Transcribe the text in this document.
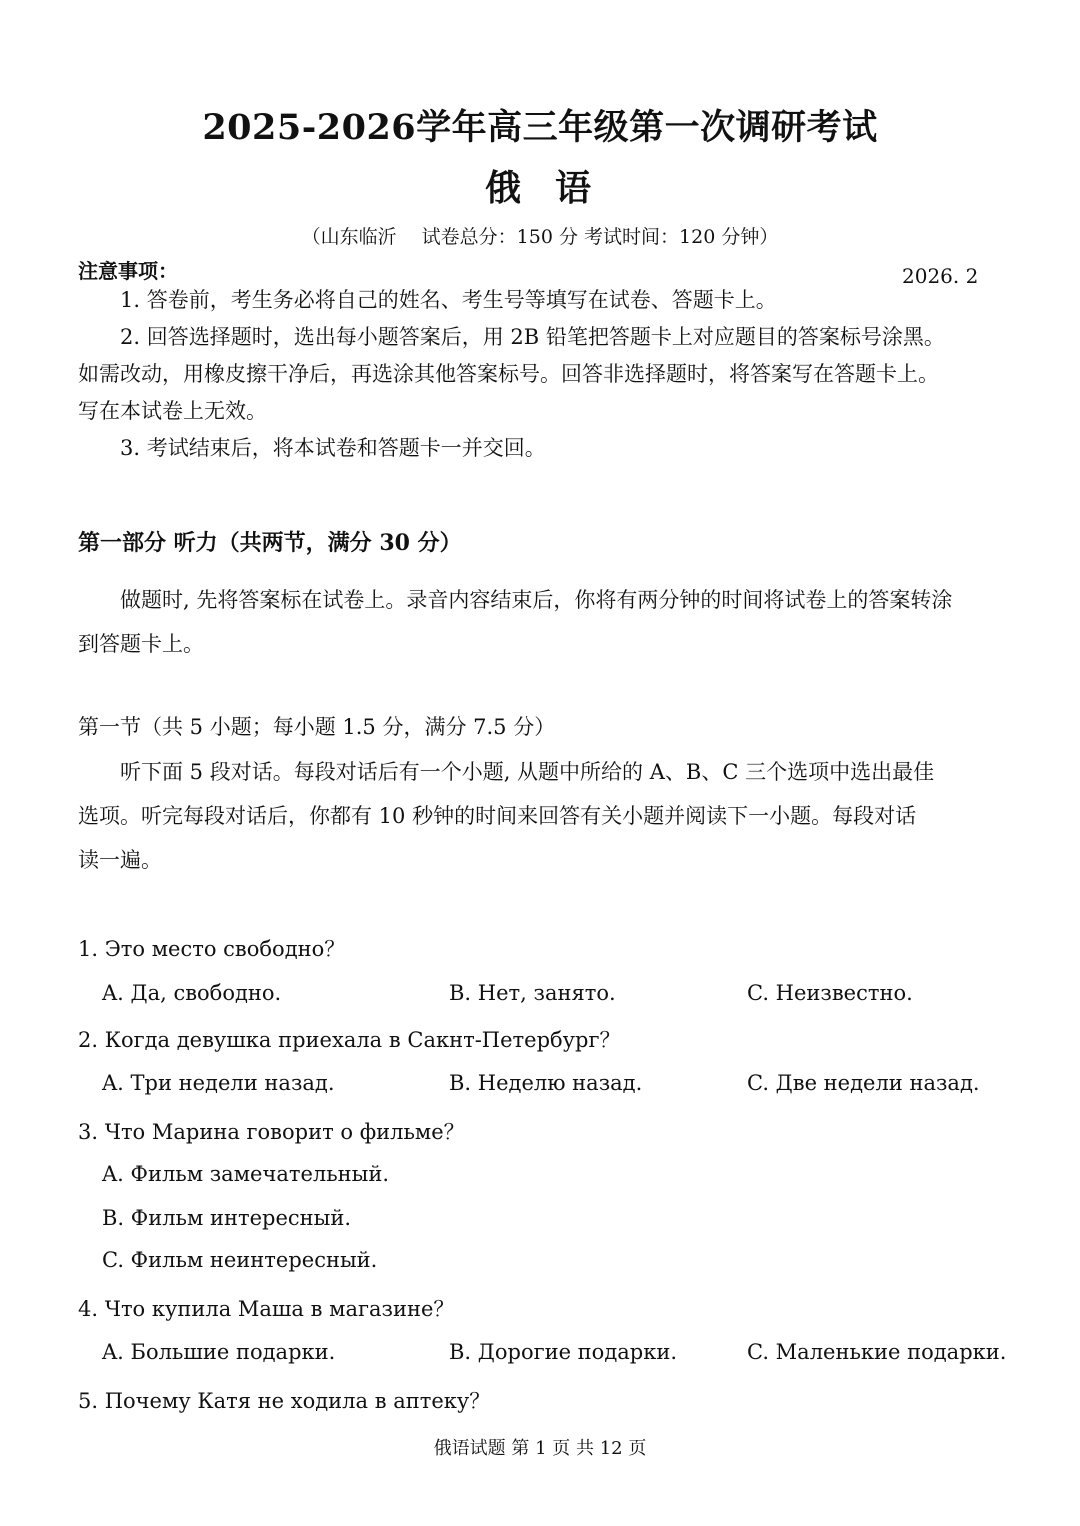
2025-2026学年高三年级第一次调研考试
俄语
（山东临沂　 试卷总分：150 分 考试时间：120 分钟）
注意事项：	2026. 2
1. 答卷前，考生务必将自己的姓名、考生号等填写在试卷、答题卡上。
2. 回答选择题时，选出每小题答案后，用 2B 铅笔把答题卡上对应题目的答案标号涂黑。
如需改动，用橡皮擦干净后，再选涂其他答案标号。回答非选择题时，将答案写在答题卡上。
写在本试卷上无效。
3. 考试结束后，将本试卷和答题卡一并交回。
第一部分 听力（共两节，满分 30 分）
做题时, 先将答案标在试卷上。录音内容结束后，你将有两分钟的时间将试卷上的答案转涂
到答题卡上。
第一节（共 5 小题；每小题 1.5 分，满分 7.5 分）
听下面 5 段对话。每段对话后有一个小题, 从题中所给的 A、B、C 三个选项中选出最佳
选项。听完每段对话后，你都有 10 秒钟的时间来回答有关小题并阅读下一小题。每段对话
读一遍。
1. Это место свободно？
A. Да, свободно.	B. Нет, занято.	C. Неизвестно.
2. Когда девушка приехала в Сакнт-Петербург？
A. Три недели назад.	B. Неделю назад.	C. Две недели назад.
3. Что Марина говорит о фильме？
A. Фильм замечательный.
B. Фильм интересный.
C. Фильм неинтересный.
4. Что купила Маша в магазине？
A. Большие подарки.	B. Дорогие подарки.	C. Маленькие подарки.
5. Почему Катя не ходила в аптеку？
俄语试题 第 1 页 共 12 页
